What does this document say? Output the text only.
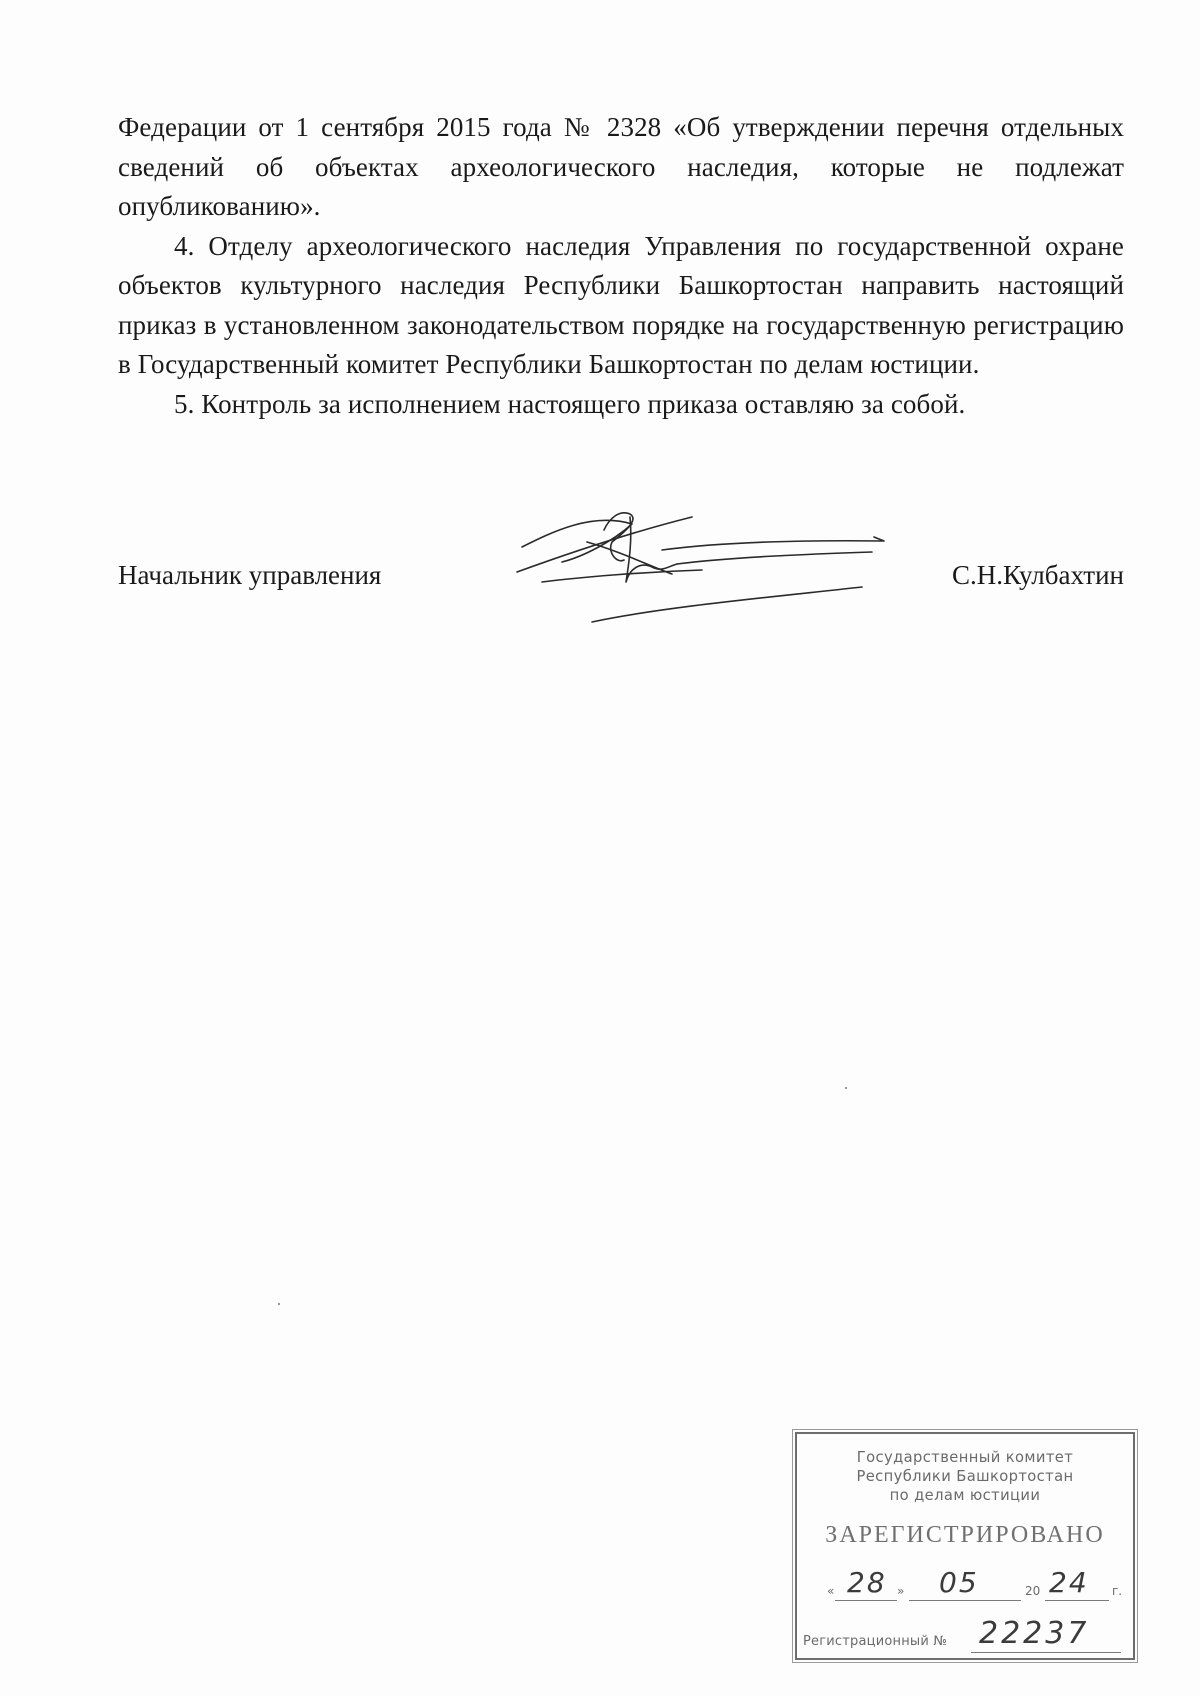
Федерации от 1 сентября 2015 года № 2328 «Об утверждении перечня отдельных сведений об объектах археологического наследия, которые не подлежат опубликованию».

4. Отделу археологического наследия Управления по государственной охране объектов культурного наследия Республики Башкортостан направить настоящий приказ в установленном законодательством порядке на государственную регистрацию в Государственный комитет Республики Башкортостан по делам юстиции.

5. Контроль за исполнением настоящего приказа оставляю за собой.

Начальник управления	С.Н.Кулбахтин
Государственный комитет
Республики Башкортостан
по делам юстиции
ЗАРЕГИСТРИРОВАНО
« 28 » 05	20 24 г.
Регистрационный № 22237
